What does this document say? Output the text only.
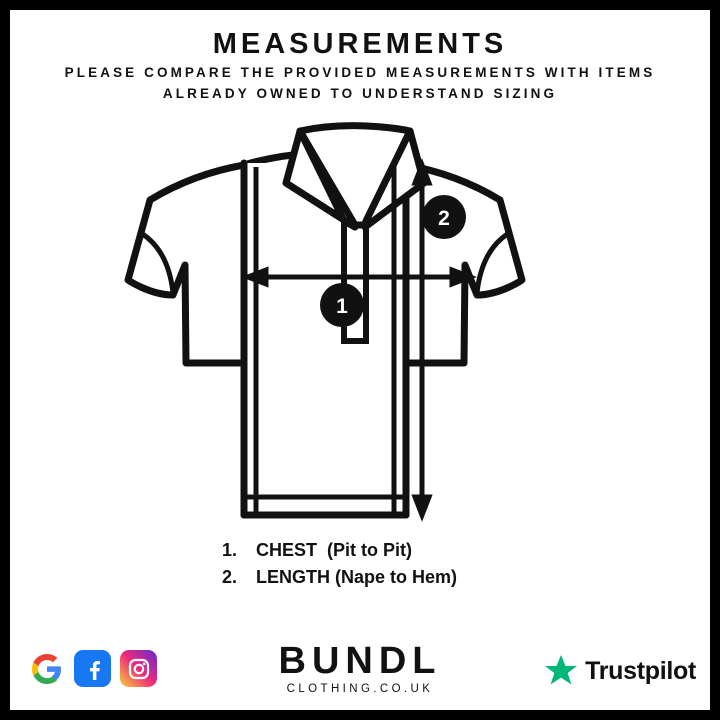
MEASUREMENTS
PLEASE COMPARE THE PROVIDED MEASUREMENTS WITH ITEMS ALREADY OWNED TO UNDERSTAND SIZING
1
2
1.	CHEST  (Pit to Pit)
2.	LENGTH (Nape to Hem)
BUNDL
CLOTHING.CO.UK
Trustpilot
